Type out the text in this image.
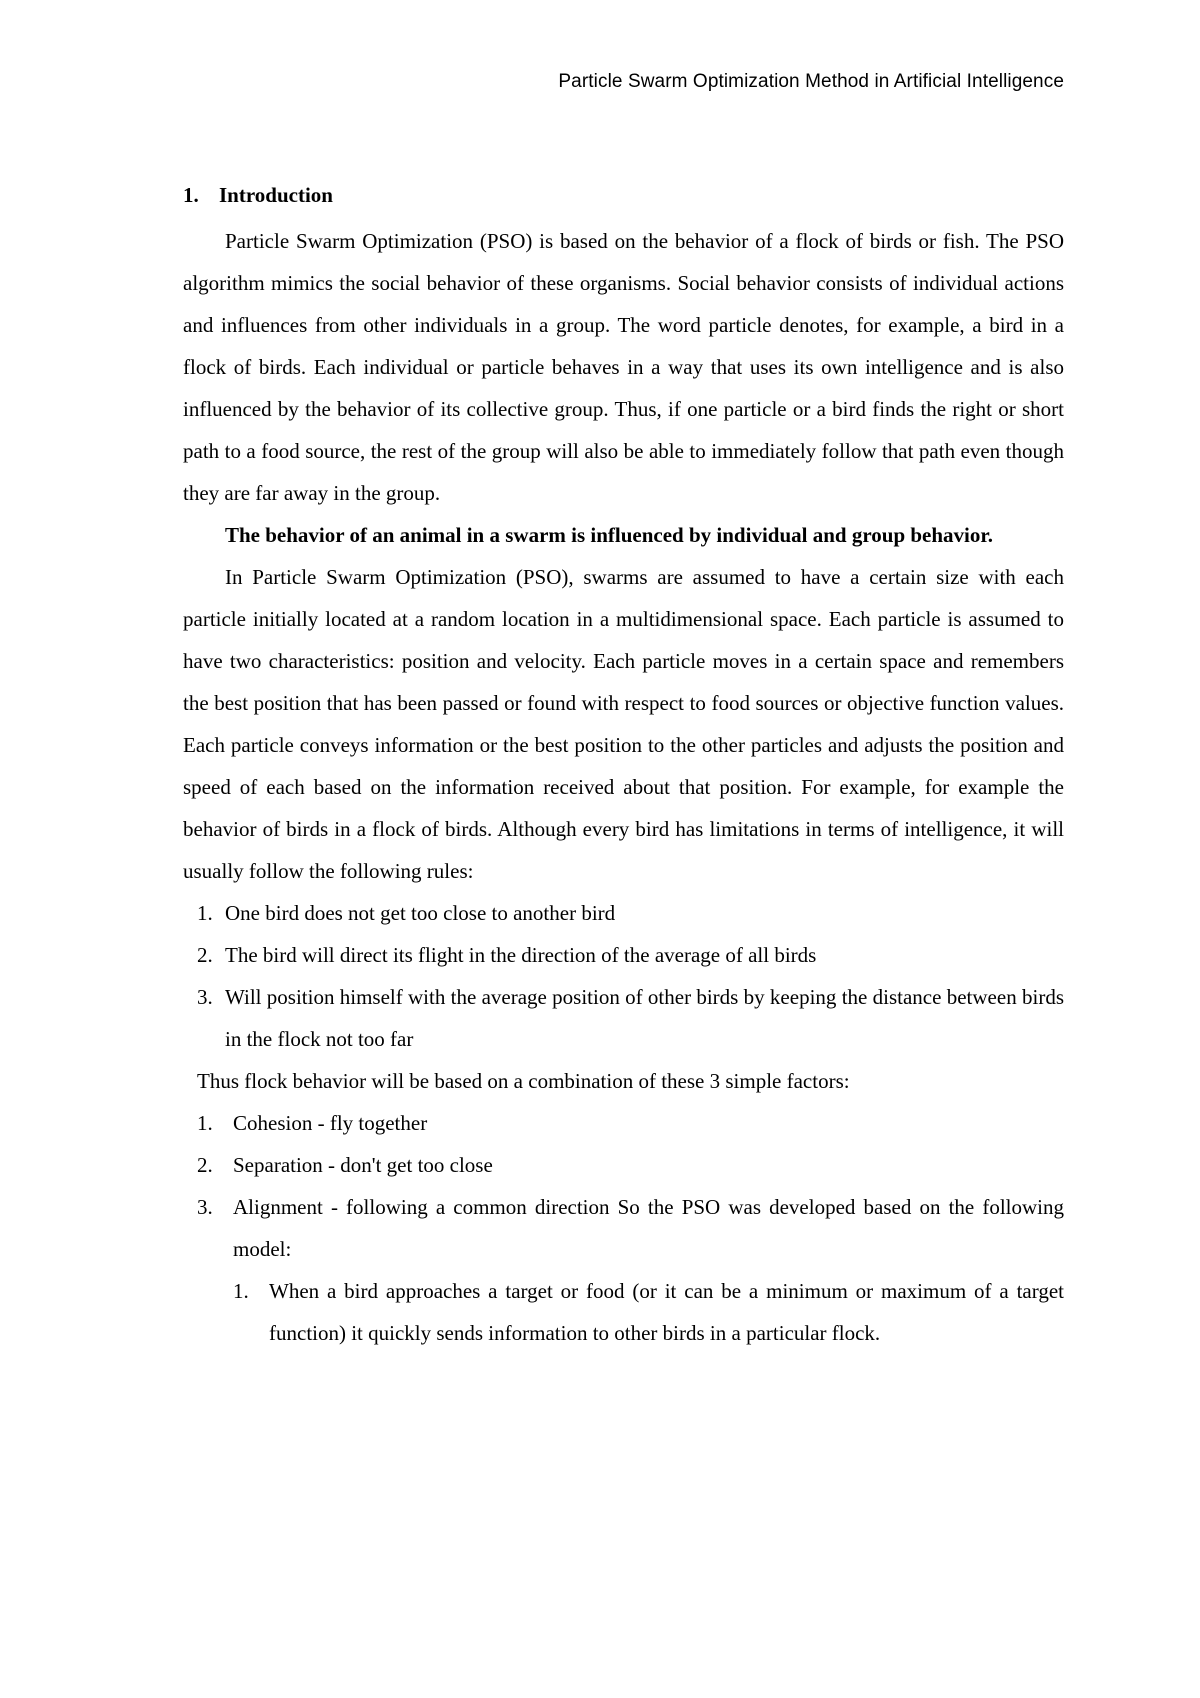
Particle Swarm Optimization Method in Artificial Intelligence
1. Introduction

Particle Swarm Optimization (PSO) is based on the behavior of a flock of birds or fish. The PSO algorithm mimics the social behavior of these organisms. Social behavior consists of individual actions and influences from other individuals in a group. The word particle denotes, for example, a bird in a flock of birds. Each individual or particle behaves in a way that uses its own intelligence and is also influenced by the behavior of its collective group. Thus, if one particle or a bird finds the right or short path to a food source, the rest of the group will also be able to immediately follow that path even though they are far away in the group.

The behavior of an animal in a swarm is influenced by individual and group behavior.

In Particle Swarm Optimization (PSO), swarms are assumed to have a certain size with each particle initially located at a random location in a multidimensional space. Each particle is assumed to have two characteristics: position and velocity. Each particle moves in a certain space and remembers the best position that has been passed or found with respect to food sources or objective function values. Each particle conveys information or the best position to the other particles and adjusts the position and speed of each based on the information received about that position. For example, for example the behavior of birds in a flock of birds. Although every bird has limitations in terms of intelligence, it will usually follow the following rules:

1. One bird does not get too close to another bird
2. The bird will direct its flight in the direction of the average of all birds
3. Will position himself with the average position of other birds by keeping the distance between birds in the flock not too far

Thus flock behavior will be based on a combination of these 3 simple factors:

1. Cohesion - fly together
2. Separation - don't get too close
3. Alignment - following a common direction So the PSO was developed based on the following model:
1. When a bird approaches a target or food (or it can be a minimum or maximum of a target function) it quickly sends information to other birds in a particular flock.
